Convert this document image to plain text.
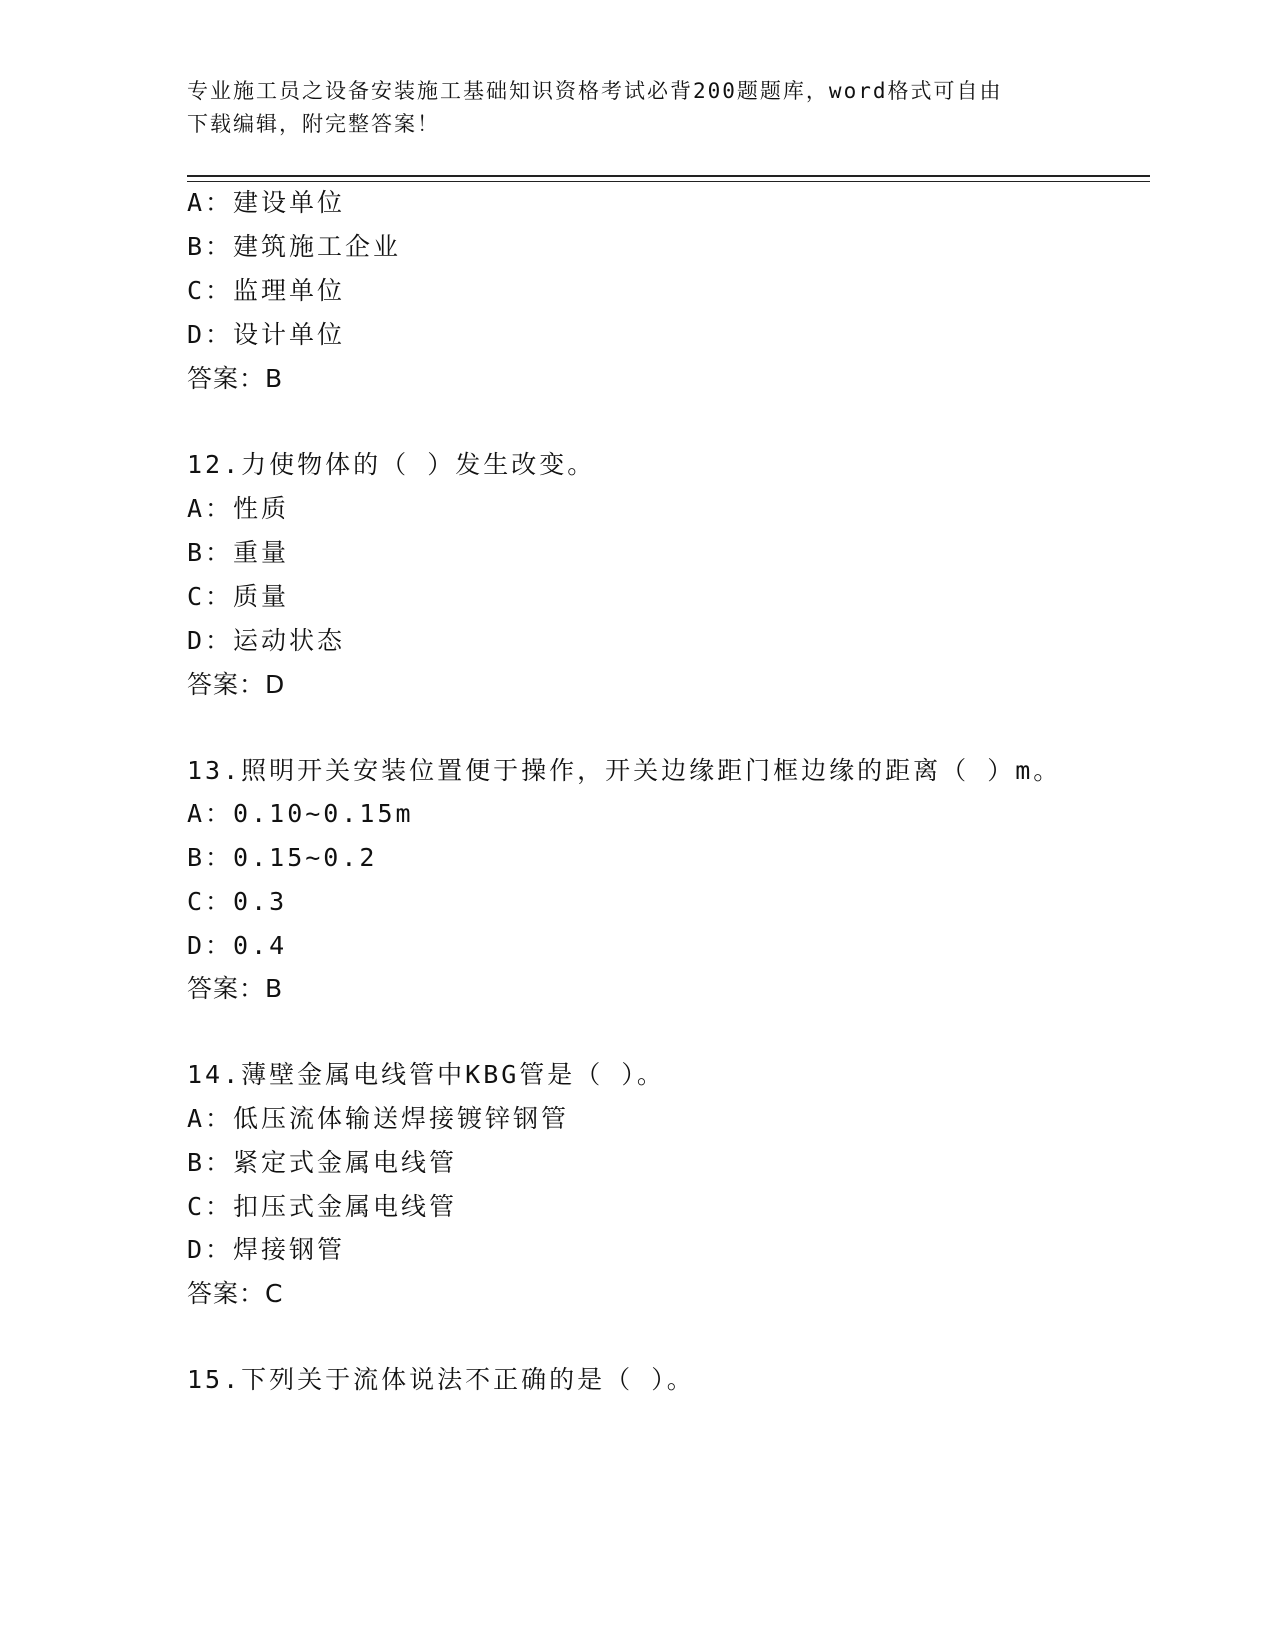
专业施工员之设备安装施工基础知识资格考试必背200题题库，word格式可自由
下载编辑，附完整答案！
A：建设单位
B：建筑施工企业
C：监理单位
D：设计单位
答案：B
12.力使物体的（ ）发生改变。
A：性质
B：重量
C：质量
D：运动状态
答案：D
13.照明开关安装位置便于操作，开关边缘距门框边缘的距离（ ）m。
A：0.10~0.15m
B：0.15~0.2
C：0.3
D：0.4
答案：B
14.薄壁金属电线管中KBG管是（ ）。
A：低压流体输送焊接镀锌钢管
B：紧定式金属电线管
C：扣压式金属电线管
D：焊接钢管
答案：C
15.下列关于流体说法不正确的是（ ）。
